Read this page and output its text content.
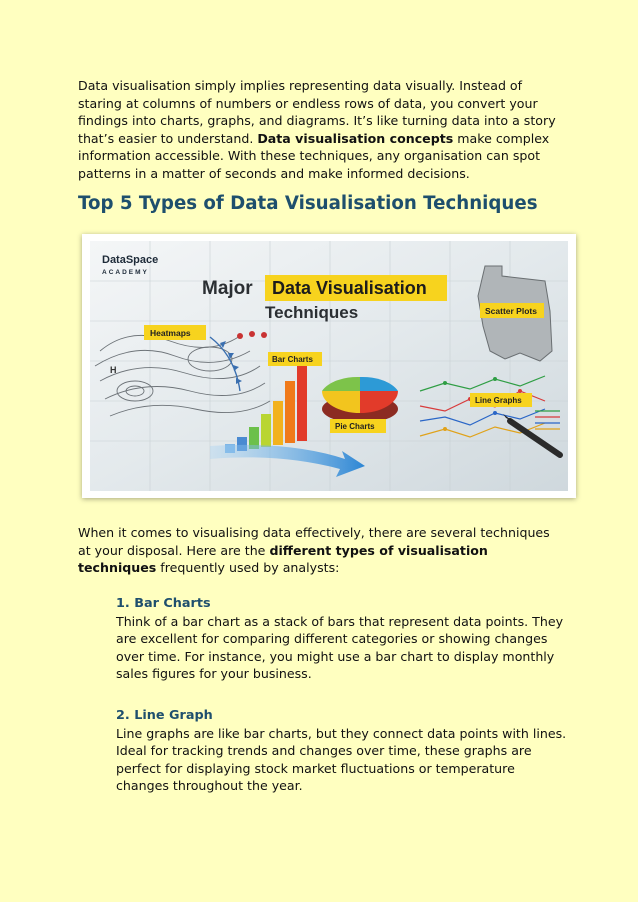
Data visualisation simply implies representing data visually. Instead of staring at columns of numbers or endless rows of data, you convert your findings into charts, graphs, and diagrams. It’s like turning data into a story that’s easier to understand. Data visualisation concepts make complex information accessible. With these techniques, any organisation can spot patterns in a matter of seconds and make informed decisions.

Top 5 Types of Data Visualisation Techniques
H
DataSpace
ACADEMY
Major Data Visualisation
Techniques
Heatmaps
Bar Charts
Pie Charts
Scatter Plots
Line Graphs

When it comes to visualising data effectively, there are several techniques at your disposal. Here are the different types of visualisation techniques frequently used by analysts:

1. Bar Charts

Think of a bar chart as a stack of bars that represent data points. They are excellent for comparing different categories or showing changes over time. For instance, you might use a bar chart to display monthly sales figures for your business.

2. Line Graph

Line graphs are like bar charts, but they connect data points with lines. Ideal for tracking trends and changes over time, these graphs are perfect for displaying stock market fluctuations or temperature changes throughout the year.
